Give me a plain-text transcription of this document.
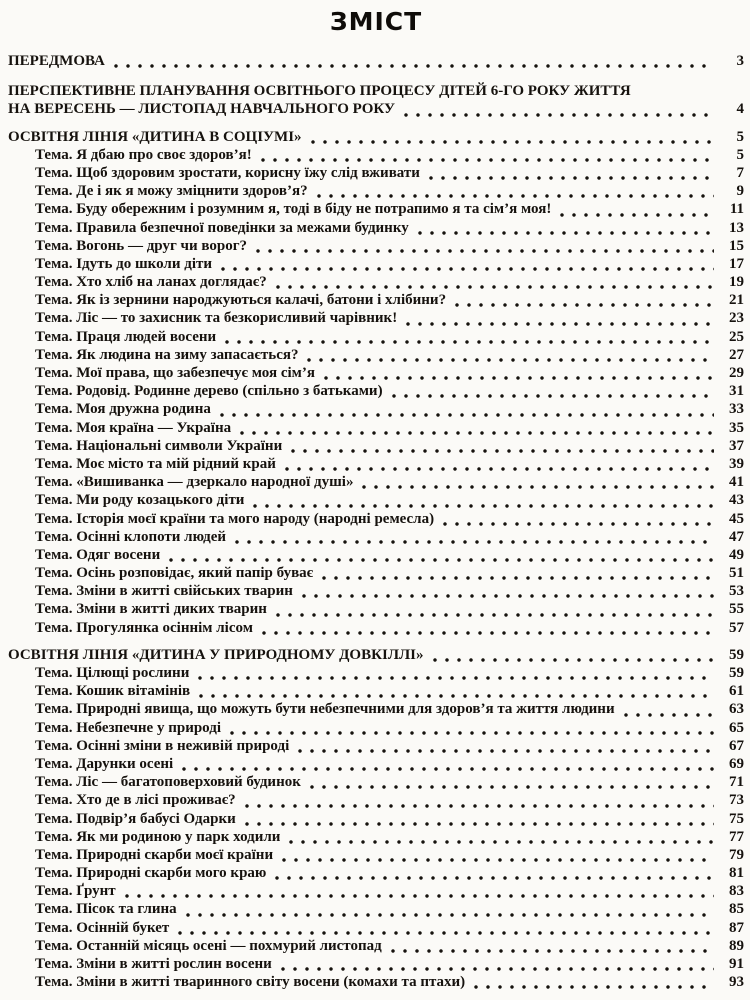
ЗМІСТ
ПЕРЕДМОВА	3
ПЕРСПЕКТИВНЕ ПЛАНУВАННЯ ОСВІТНЬОГО ПРОЦЕСУ ДІТЕЙ 6-ГО РОКУ ЖИТТЯ
НА ВЕРЕСЕНЬ — ЛИСТОПАД НАВЧАЛЬНОГО РОКУ	4
ОСВІТНЯ ЛІНІЯ «ДИТИНА В СОЦІУМІ»	5
Тема. Я дбаю про своє здоров’я!	5
Тема. Щоб здоровим зростати, корисну їжу слід вживати	7
Тема. Де і як я можу зміцнити здоров’я?	9
Тема. Буду обережним і розумним я, тоді в біду не потрапимо я та сім’я моя!	11
Тема. Правила безпечної поведінки за межами будинку	13
Тема. Вогонь — друг чи ворог?	15
Тема. Ідуть до школи діти	17
Тема. Хто хліб на ланах доглядає?	19
Тема. Як із зернини народжуються калачі, батони і хлібини?	21
Тема. Ліс — то захисник та безкорисливий чарівник!	23
Тема. Праця людей восени	25
Тема. Як людина на зиму запасається?	27
Тема. Мої права, що забезпечує моя сім’я	29
Тема. Родовід. Родинне дерево (спільно з батьками)	31
Тема. Моя дружна родина	33
Тема. Моя країна — Україна	35
Тема. Національні символи України	37
Тема. Моє місто та мій рідний край	39
Тема. «Вишиванка — дзеркало народної душі»	41
Тема. Ми роду козацького діти	43
Тема. Історія моєї країни та мого народу (народні ремесла)	45
Тема. Осінні клопоти людей	47
Тема. Одяг восени	49
Тема. Осінь розповідає, який папір буває	51
Тема. Зміни в житті свійських тварин	53
Тема. Зміни в житті диких тварин	55
Тема. Прогулянка осіннім лісом	57
ОСВІТНЯ ЛІНІЯ «ДИТИНА У ПРИРОДНОМУ ДОВКІЛЛІ»	59
Тема. Цілющі рослини	59
Тема. Кошик вітамінів	61
Тема. Природні явища, що можуть бути небезпечними для здоров’я та життя людини	63
Тема. Небезпечне у природі	65
Тема. Осінні зміни в неживій природі	67
Тема. Дарунки осені	69
Тема. Ліс — багатоповерховий будинок	71
Тема. Хто де в лісі проживає?	73
Тема. Подвір’я бабусі Одарки	75
Тема. Як ми родиною у парк ходили	77
Тема. Природні скарби моєї країни	79
Тема. Природні скарби мого краю	81
Тема. Ґрунт	83
Тема. Пісок та глина	85
Тема. Осінній букет	87
Тема. Останній місяць осені — похмурий листопад	89
Тема. Зміни в житті рослин восени	91
Тема. Зміни в житті тваринного світу восени (комахи та птахи)	93
